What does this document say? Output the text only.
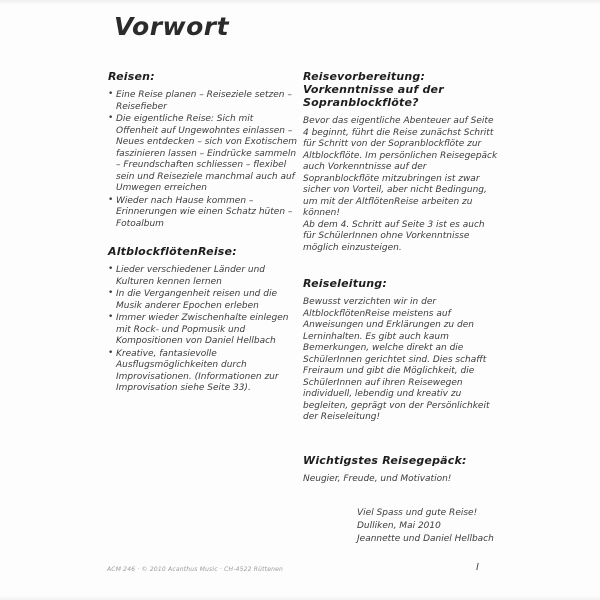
Vorwort
Reisen:
• Eine Reise planen – Reiseziele setzen – Reisefieber
• Die eigentliche Reise: Sich mit Offenheit auf Ungewohntes einlassen – Neues entdecken – sich von Exotischem faszinieren lassen – Eindrücke sammeln – Freundschaften schliessen – flexibel sein und Reiseziele manchmal auch auf Umwegen erreichen
• Wieder nach Hause kommen – Erinnerungen wie einen Schatz hüten – Fotoalbum
AltblockflötenReise:
• Lieder verschiedener Länder und Kulturen kennen lernen
• In die Vergangenheit reisen und die Musik anderer Epochen erleben
• Immer wieder Zwischenhalte einlegen mit Rock- und Popmusik und Kompositionen von Daniel Hellbach
• Kreative, fantasievolle Ausflugsmöglichkeiten durch Improvisationen. (Informationen zur Improvisation siehe Seite 33).
Reisevorbereitung: Vorkenntnisse auf der Sopranblockflöte?

Bevor das eigentliche Abenteuer auf Seite 4 beginnt, führt die Reise zunächst Schritt für Schritt von der Sopranblockflöte zur Altblockflöte. Im persönlichen Reisegepäck auch Vorkenntnisse auf der Sopranblockflöte mitzubringen ist zwar sicher von Vorteil, aber nicht Bedingung, um mit der AltflötenReise arbeiten zu können!

Ab dem 4. Schritt auf Seite 3 ist es auch für SchülerInnen ohne Vorkenntnisse möglich einzusteigen.

Reiseleitung:

Bewusst verzichten wir in der AltblockflötenReise meistens auf Anweisungen und Erklärungen zu den Lerninhalten. Es gibt auch kaum Bemerkungen, welche direkt an die SchülerInnen gerichtet sind. Dies schafft Freiraum und gibt die Möglichkeit, die SchülerInnen auf ihren Reisewegen individuell, lebendig und kreativ zu begleiten, geprägt von der Persönlichkeit der Reiseleitung!

Wichtigstes Reisegepäck:

Neugier, Freude, und Motivation!

Viel Spass und gute Reise!
Dulliken, Mai 2010
Jeannette und Daniel Hellbach
ACM 246 · © 2010 Acanthus Music · CH-4522 Rüttenen	I
